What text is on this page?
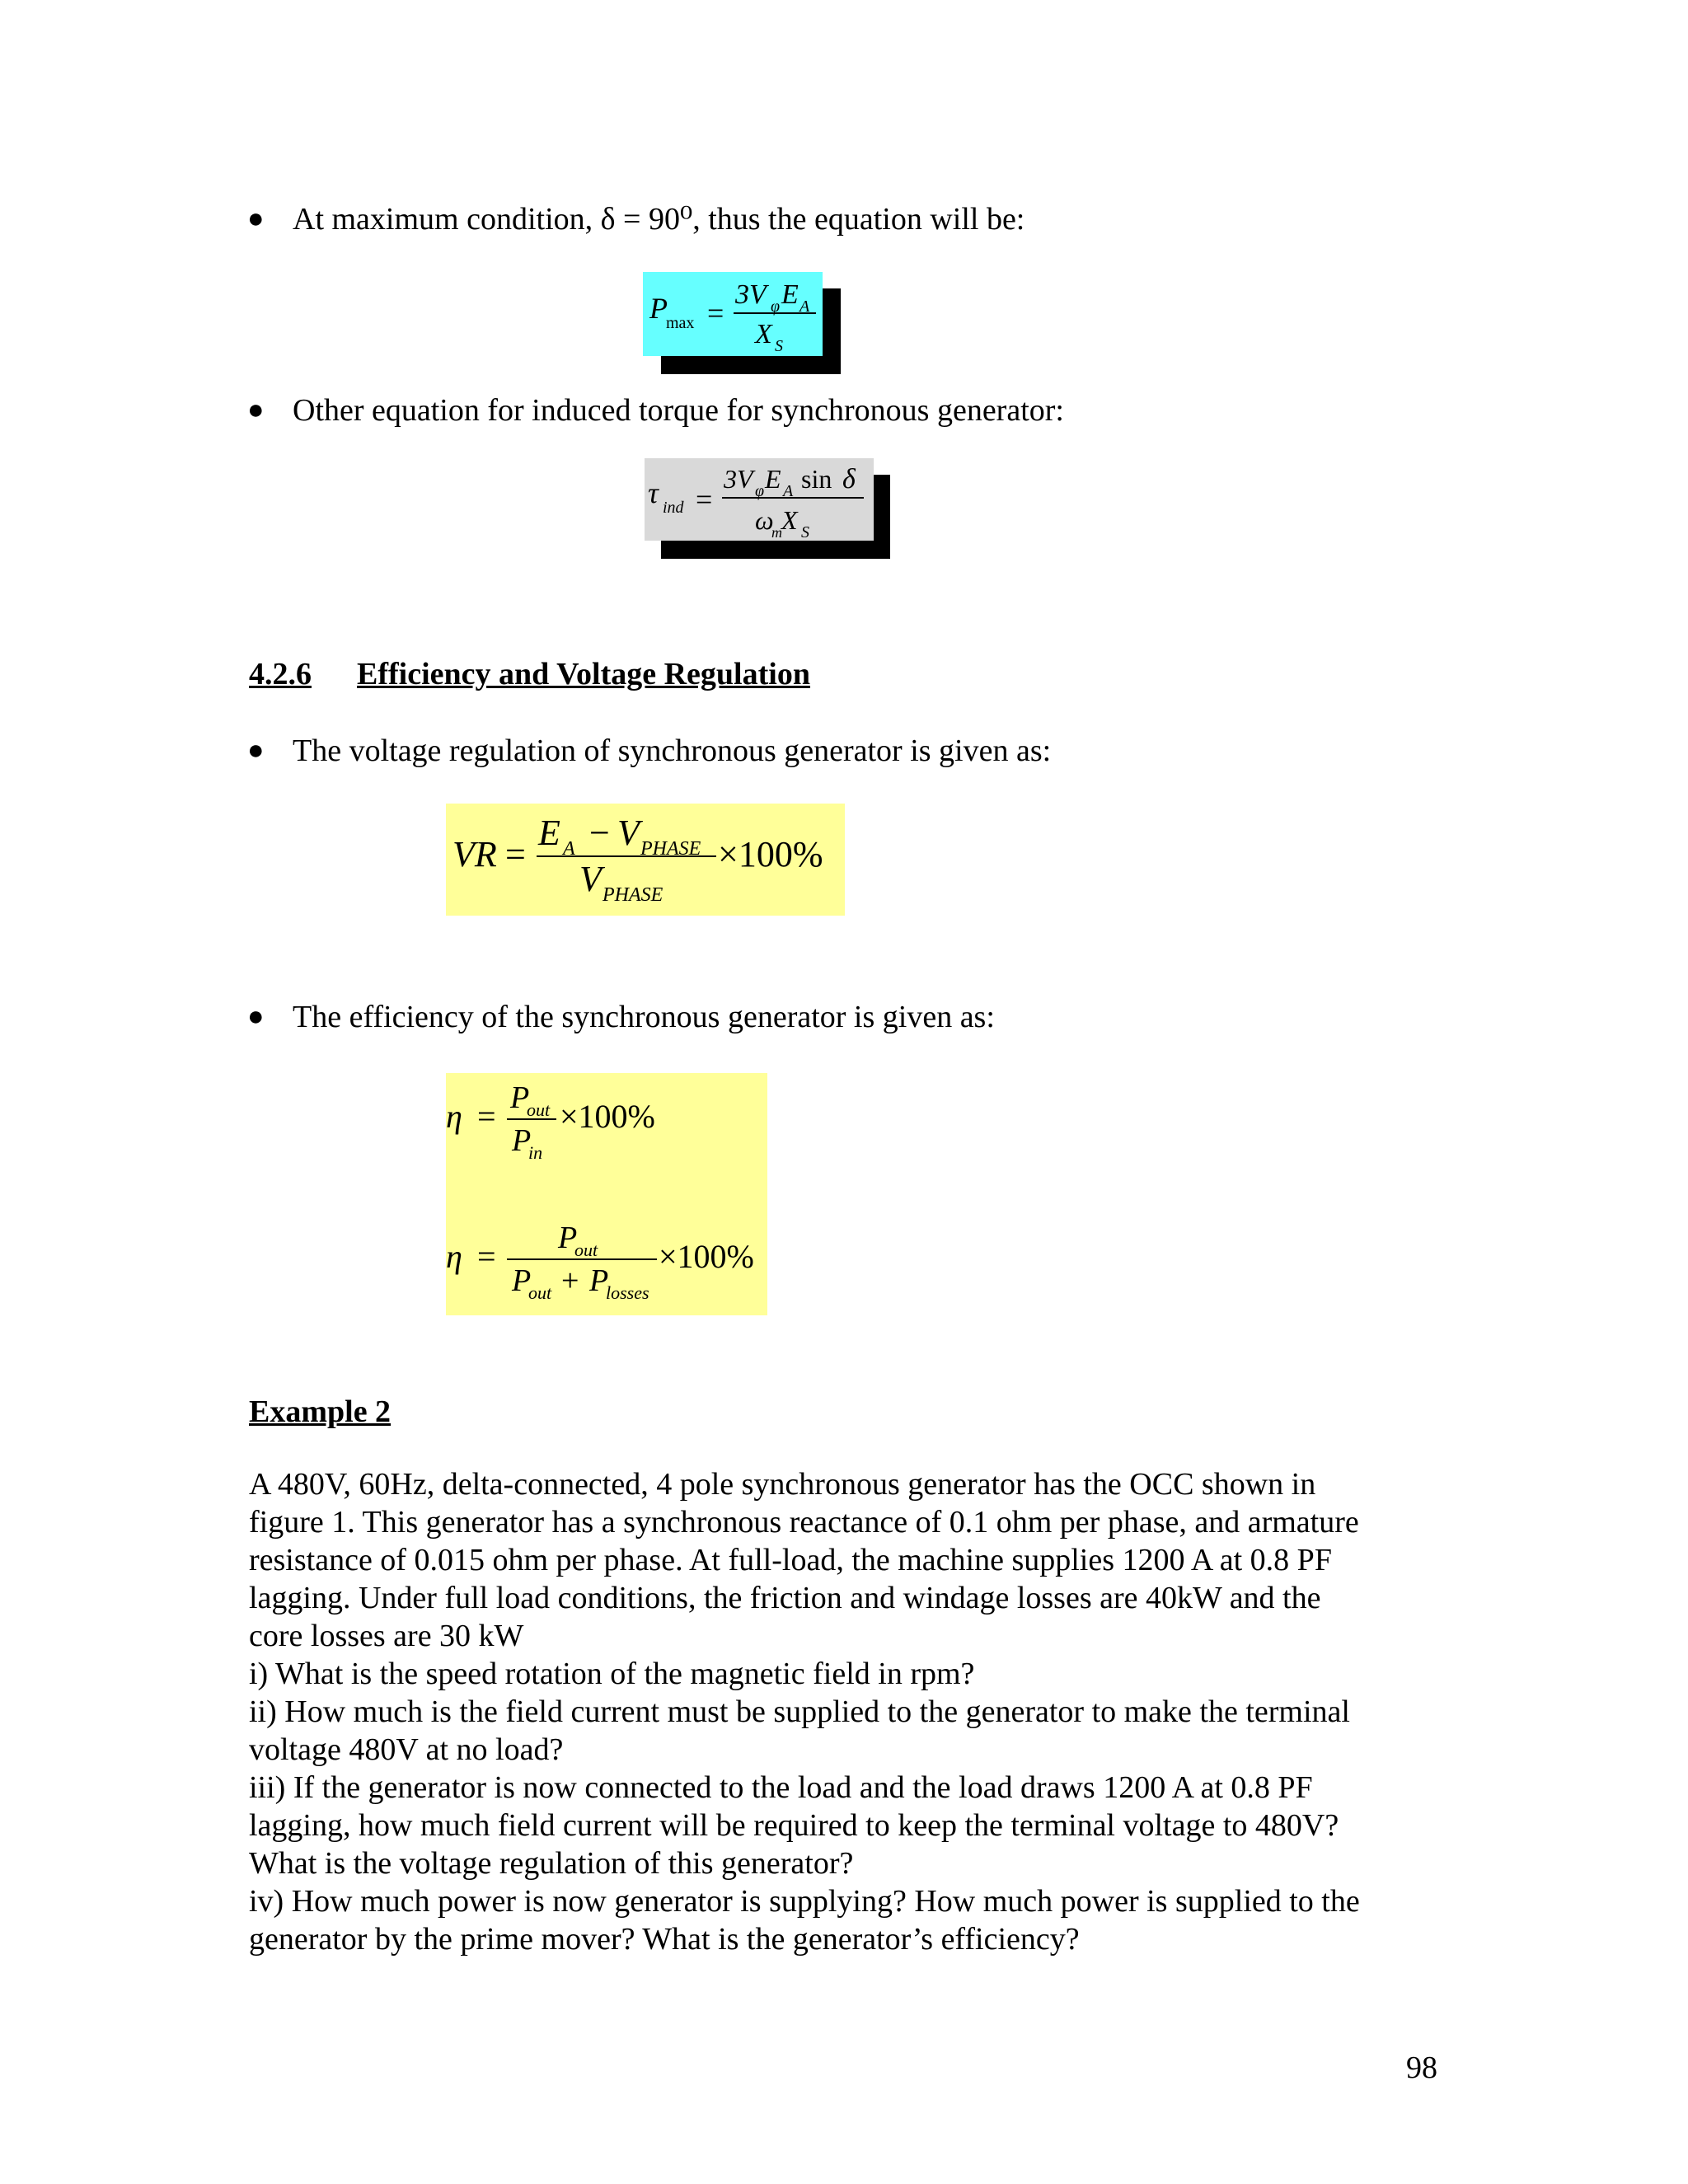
● At maximum condition, δ = 90⁰, thus the equation will be:
P
max =
3V φ E A
X S
● Other equation for induced torque for synchronous generator:
τ ind =
3V φ E A sin δ
ω
m X S
4.2.6 Efficiency and Voltage Regulation
● The voltage regulation of synchronous generator is given as:
VR =
E A − V PHASE
V PHASE
×100%
● The efficiency of the synchronous generator is given as:
η = P
out
P
in
×100%
η = P
out
P
out + P
losses
×100%
Example 2
A 480V, 60Hz, delta-connected, 4 pole synchronous generator has the OCC shown in
figure 1. This generator has a synchronous reactance of 0.1 ohm per phase, and armature
resistance of 0.015 ohm per phase. At full-load, the machine supplies 1200 A at 0.8 PF
lagging. Under full load conditions, the friction and windage losses are 40kW and the
core losses are 30 kW
i) What is the speed rotation of the magnetic field in rpm?
ii) How much is the field current must be supplied to the generator to make the terminal
voltage 480V at no load?
iii) If the generator is now connected to the load and the load draws 1200 A at 0.8 PF
lagging, how much field current will be required to keep the terminal voltage to 480V?
What is the voltage regulation of this generator?
iv) How much power is now generator is supplying? How much power is supplied to the
generator by the prime mover? What is the generator’s efficiency?
98
